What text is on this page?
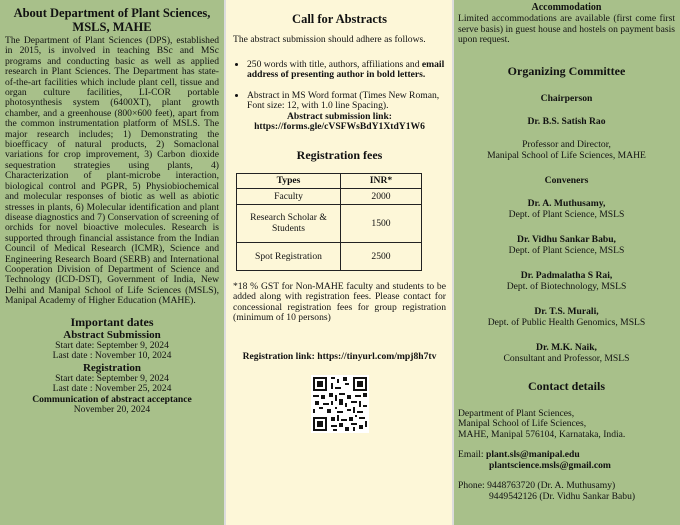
About Department of Plant Sciences, MSLS, MAHE
The Department of Plant Sciences (DPS), established in 2015, is involved in teaching BSc and MSc programs and conducting basic as well as applied research in Plant Sciences. The Department has state-of-the-art facilities which include plant cell, tissue and organ culture facilities, LI-COR portable photosynthesis system (6400XT), plant growth chamber, and a greenhouse (800×600 feet), apart from the common instrumentation platform of MSLS. The major research includes; 1) Demonstrating the bioefficacy of natural products, 2) Somaclonal variations for crop improvement, 3) Carbon dioxide sequestration strategies using plants, 4) Characterization of plant-microbe interaction, biological control and PGPR, 5) Physiobiochemical and molecular responses of biotic as well as abiotic stresses in plants, 6) Molecular identification and plant disease diagnostics and 7) Conservation of screening of orchids for novel bioactive molecules. Research is supported through financial assistance from the Indian Council of Medical Research (ICMR), Science and Engineering Research Board (SERB) and International Cooperation Division of Department of Science and Technology (ICD-DST), Government of India, New Delhi and Manipal School of Life Sciences (MSLS), Manipal Academy of Higher Education (MAHE).
Important dates
Abstract Submission
Start date: September 9, 2024
Last date : November 10, 2024
Registration
Start date: September 9, 2024
Last date : November 25, 2024
Communication of abstract acceptance
November 20, 2024
Call for Abstracts
The abstract submission should adhere as follows.
• 250 words with title, authors, affiliations and email address of presenting author in bold letters.
• Abstract in MS Word format (Times New Roman, Font size: 12, with 1.0 line Spacing).
Abstract submission link:
https://forms.gle/cVSFWsBdY1XtdY1W6
Registration fees
Types	INR*
Faculty	2000
Research Scholar & Students	1500
Spot Registration	2500
*18 % GST for Non-MAHE faculty and students to be added along with registration fees. Please contact for concessional registration fees for group registration (minimum of 10 persons)
Registration link: https://tinyurl.com/mpj8h7tv
Accommodation
Limited accommodations are available (first come first serve basis) in guest house and hostels on payment basis upon request.
Organizing Committee
Chairperson
Dr. B.S. Satish Rao
Professor and Director,
Manipal School of Life Sciences, MAHE
Conveners
Dr. A. Muthusamy,
Dept. of Plant Science, MSLS
Dr. Vidhu Sankar Babu,
Dept. of Plant Science, MSLS
Dr. Padmalatha S Rai,
Dept. of Biotechnology, MSLS
Dr. T.S. Murali,
Dept. of Public Health Genomics, MSLS
Dr. M.K. Naik,
Consultant and Professor, MSLS
Contact details
Department of Plant Sciences,
Manipal School of Life Sciences,
MAHE, Manipal 576104, Karnataka, India.
Email: plant.sls@manipal.edu
plantscience.msls@gmail.com
Phone: 9448763720 (Dr. A. Muthusamy)
9449542126 (Dr. Vidhu Sankar Babu)
